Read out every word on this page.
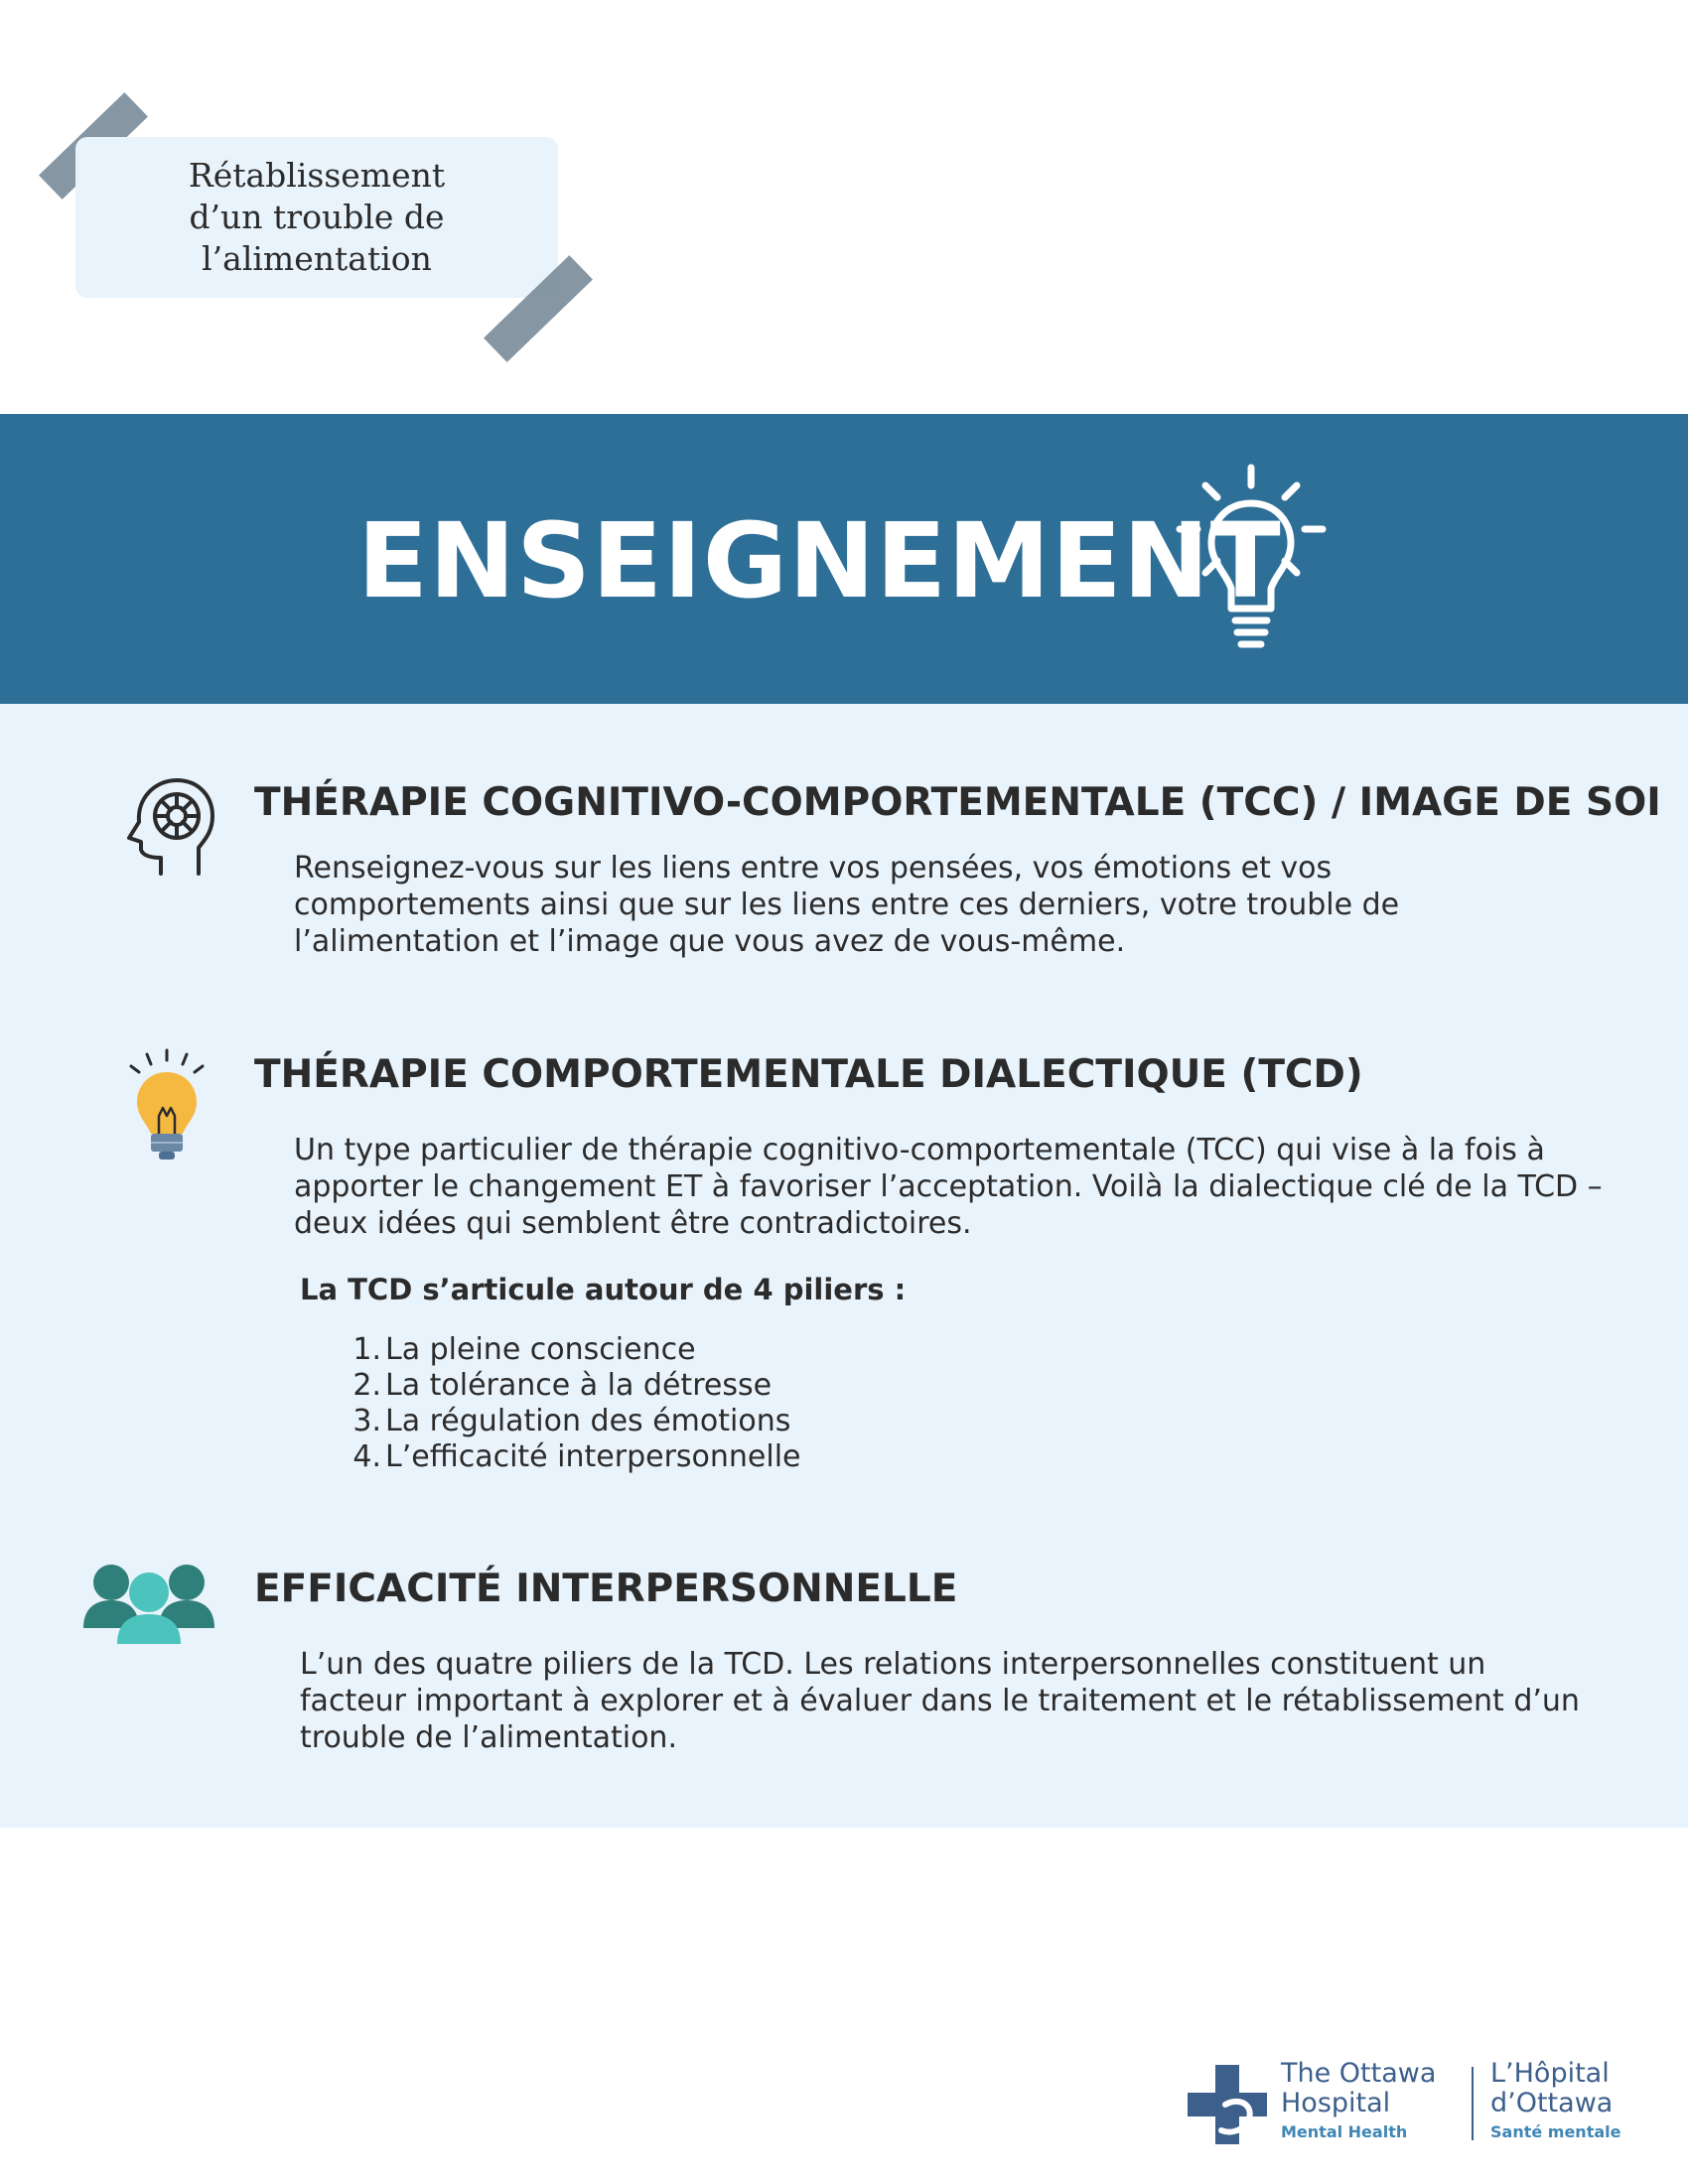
Rétablissement
d’un trouble de
l’alimentation
ENSEIGNEMENT
THÉRAPIE COGNITIVO-COMPORTEMENTALE (TCC) / IMAGE DE SOI
Renseignez-vous sur les liens entre vos pensées, vos émotions et vos
comportements ainsi que sur les liens entre ces derniers, votre trouble de
l’alimentation et l’image que vous avez de vous-même.
THÉRAPIE COMPORTEMENTALE DIALECTIQUE (TCD)
Un type particulier de thérapie cognitivo-comportementale (TCC) qui vise à la fois à
apporter le changement ET à favoriser l’acceptation. Voilà la dialectique clé de la TCD –
deux idées qui semblent être contradictoires.
La TCD s’articule autour de 4 piliers :
1. La pleine conscience
2. La tolérance à la détresse
3. La régulation des émotions
4. L’efficacité interpersonnelle
EFFICACITÉ INTERPERSONNELLE
L’un des quatre piliers de la TCD. Les relations interpersonnelles constituent un
facteur important à explorer et à évaluer dans le traitement et le rétablissement d’un
trouble de l’alimentation.
The Ottawa
Hospital
Mental Health
L’Hôpital
d’Ottawa
Santé mentale
